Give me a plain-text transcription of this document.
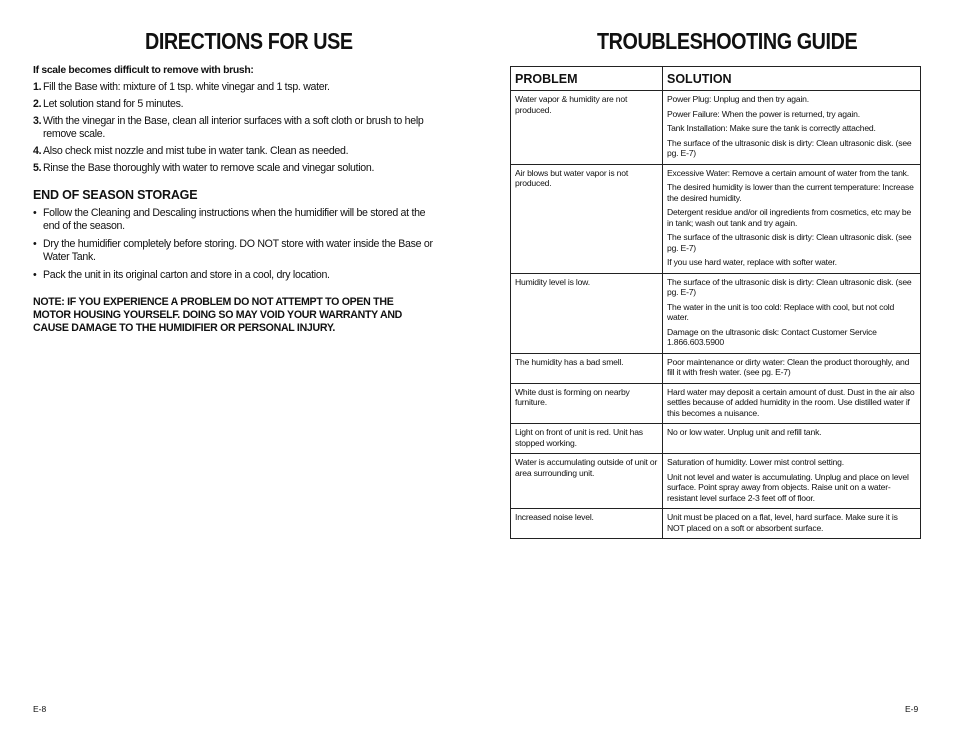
DIRECTIONS FOR USE	TROUBLESHOOTING GUIDE
If scale becomes difficult to remove with brush:
1. Fill the Base with: mixture of 1 tsp. white vinegar and 1 tsp. water.
2. Let solution stand for 5 minutes.
3. With the vinegar in the Base, clean all interior surfaces with a soft cloth or brush to help remove scale.
4. Also check mist nozzle and mist tube in water tank. Clean as needed.
5. Rinse the Base thoroughly with water to remove scale and vinegar solution.
END OF SEASON STORAGE
• Follow the Cleaning and Descaling instructions when the humidifier will be stored at the end of the season.
• Dry the humidifier completely before storing. DO NOT store with water inside the Base or Water Tank.
• Pack the unit in its original carton and store in a cool, dry location.
NOTE: IF YOU EXPERIENCE A PROBLEM DO NOT ATTEMPT TO OPEN THE MOTOR HOUSING YOURSELF. DOING SO MAY VOID YOUR WARRANTY AND CAUSE DAMAGE TO THE HUMIDIFIER OR PERSONAL INJURY.
PROBLEM	SOLUTION
Water vapor & humidity are not produced.	Power Plug: Unplug and then try again.

Power Failure: When the power is returned, try again.

Tank Installation: Make sure the tank is correctly attached.

The surface of the ultrasonic disk is dirty: Clean ultrasonic disk. (see pg. E-7)

Air blows but water vapor is not produced.	Excessive Water: Remove a certain amount of water from the tank.

The desired humidity is lower than the current temperature: Increase the desired humidity.

Detergent residue and/or oil ingredients from cosmetics, etc may be in tank; wash out tank and try again.

The surface of the ultrasonic disk is dirty: Clean ultrasonic disk. (see pg. E-7)

If you use hard water, replace with softer water.

Humidity level is low.	The surface of the ultrasonic disk is dirty: Clean ultrasonic disk. (see pg. E-7)

The water in the unit is too cold: Replace with cool, but not cold water.

Damage on the ultrasonic disk: Contact Customer Service 1.866.603.5900

The humidity has a bad smell.	Poor maintenance or dirty water: Clean the product thoroughly, and fill it with fresh water. (see pg. E-7)

White dust is forming on nearby furniture.	Hard water may deposit a certain amount of dust. Dust in the air also settles because of added humidity in the room. Use distilled water if this becomes a nuisance.

Light on front of unit is red. Unit has stopped working.	No or low water. Unplug unit and refill tank.

Water is accumulating outside of unit or area surrounding unit.	Saturation of humidity. Lower mist control setting.

Unit not level and water is accumulating. Unplug and place on level surface. Point spray away from objects. Raise unit on a water-resistant level surface 2-3 feet off of floor.

Increased noise level.	Unit must be placed on a flat, level, hard surface. Make sure it is NOT placed on a soft or absorbent surface.

E-8	E-9
